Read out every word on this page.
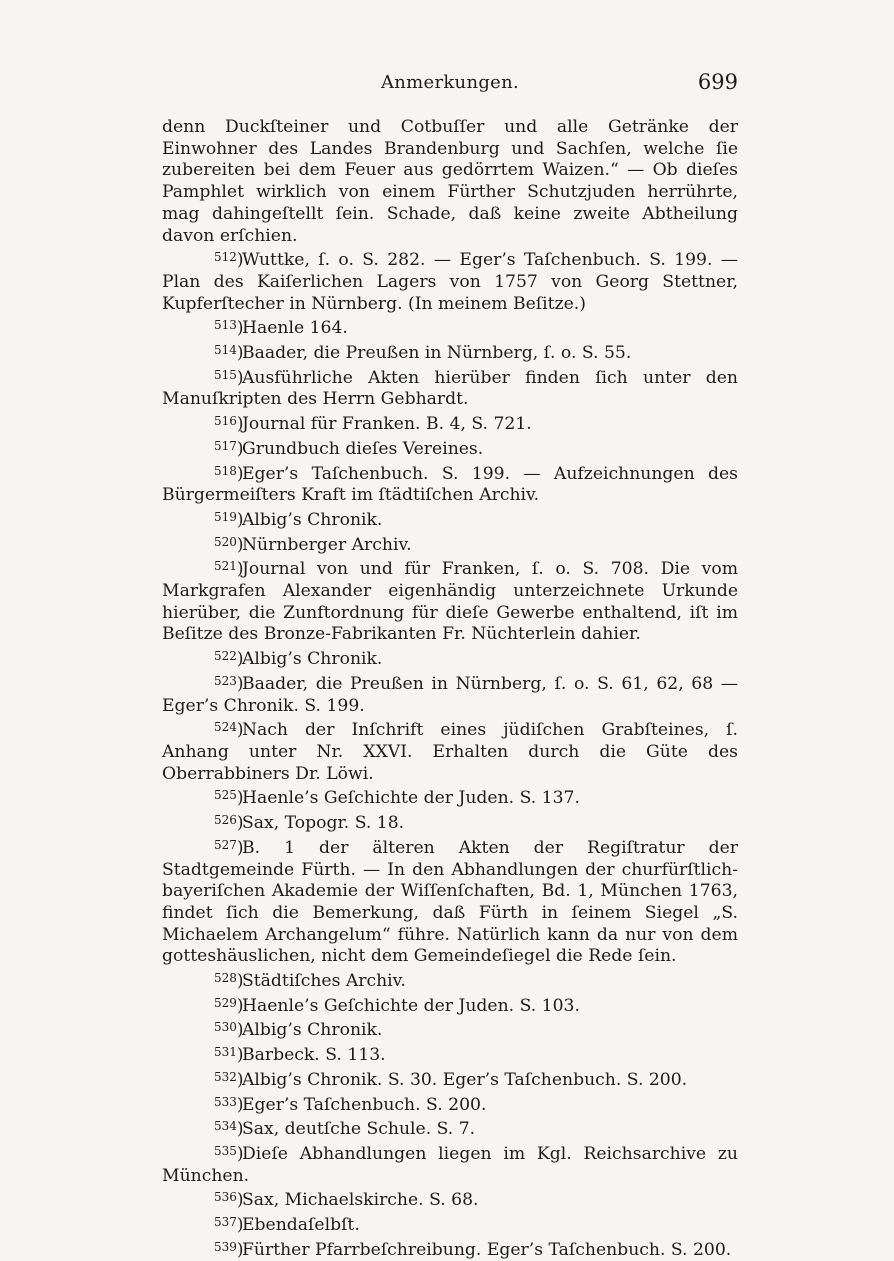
Anmerkungen.	699

denn Duckſteiner und Cotbuſſer und alle Getränke der Einwohner des Landes Brandenburg und Sachſen, welche ſie zubereiten bei dem Feuer aus gedörrtem Waizen.“ — Ob dieſes Pamphlet wirklich von einem Fürther Schutzjuden herrührte, mag dahingeſtellt ſein. Schade, daß keine zweite Abtheilung davon erſchien.

512 ) Wuttke, ſ. o. S. 282. — Eger’s Taſchenbuch. S. 199. — Plan des Kaiſerlichen Lagers von 1757 von Georg Stettner, Kupferſtecher in Nürnberg. (In meinem Beſitze.)

513 ) Haenle 164.

514 ) Baader, die Preußen in Nürnberg, ſ. o. S. 55.

515 ) Ausführliche Akten hierüber finden ſich unter den Manuſkripten des Herrn Gebhardt.

516 ) Journal für Franken. B. 4, S. 721.

517 ) Grundbuch dieſes Vereines.

518 ) Eger’s Taſchenbuch. S. 199. — Aufzeichnungen des Bürgermeiſters Kraft im ſtädtiſchen Archiv.

519 ) Albig’s Chronik.

520 ) Nürnberger Archiv.

521 ) Journal von und für Franken, ſ. o. S. 708. Die vom Markgrafen Alexander eigenhändig unterzeichnete Urkunde hierüber, die Zunftordnung für dieſe Gewerbe enthaltend, iſt im Beſitze des Bronze-Fabrikanten Fr. Nüchterlein dahier.

522 ) Albig’s Chronik.

523 ) Baader, die Preußen in Nürnberg, ſ. o. S. 61, 62, 68 — Eger’s Chronik. S. 199.

524 ) Nach der Inſchrift eines jüdiſchen Grabſteines, ſ. Anhang unter Nr. XXVI. Erhalten durch die Güte des Oberrabbiners Dr. Löwi.

525 ) Haenle’s Geſchichte der Juden. S. 137.

526 ) Sax, Topogr. S. 18.

527 ) B. 1 der älteren Akten der Regiſtratur der Stadtgemeinde Fürth. — In den Abhandlungen der churfürſtlich-bayeriſchen Akademie der Wiſſenſchaften, Bd. 1, München 1763, findet ſich die Bemerkung, daß Fürth in ſeinem Siegel „S. Michaelem Archangelum“ führe. Natürlich kann da nur von dem gotteshäuslichen, nicht dem Gemeindeſiegel die Rede ſein.

528 ) Städtiſches Archiv.

529 ) Haenle’s Geſchichte der Juden. S. 103.

530 ) Albig’s Chronik.

531 ) Barbeck. S. 113.

532 ) Albig’s Chronik. S. 30. Eger’s Taſchenbuch. S. 200.

533 ) Eger’s Taſchenbuch. S. 200.

534 ) Sax, deutſche Schule. S. 7.

535 ) Dieſe Abhandlungen liegen im Kgl. Reichsarchive zu München.

536 ) Sax, Michaelskirche. S. 68.

537 ) Ebendaſelbſt.

539 ) Fürther Pfarrbeſchreibung. Eger’s Taſchenbuch. S. 200.
